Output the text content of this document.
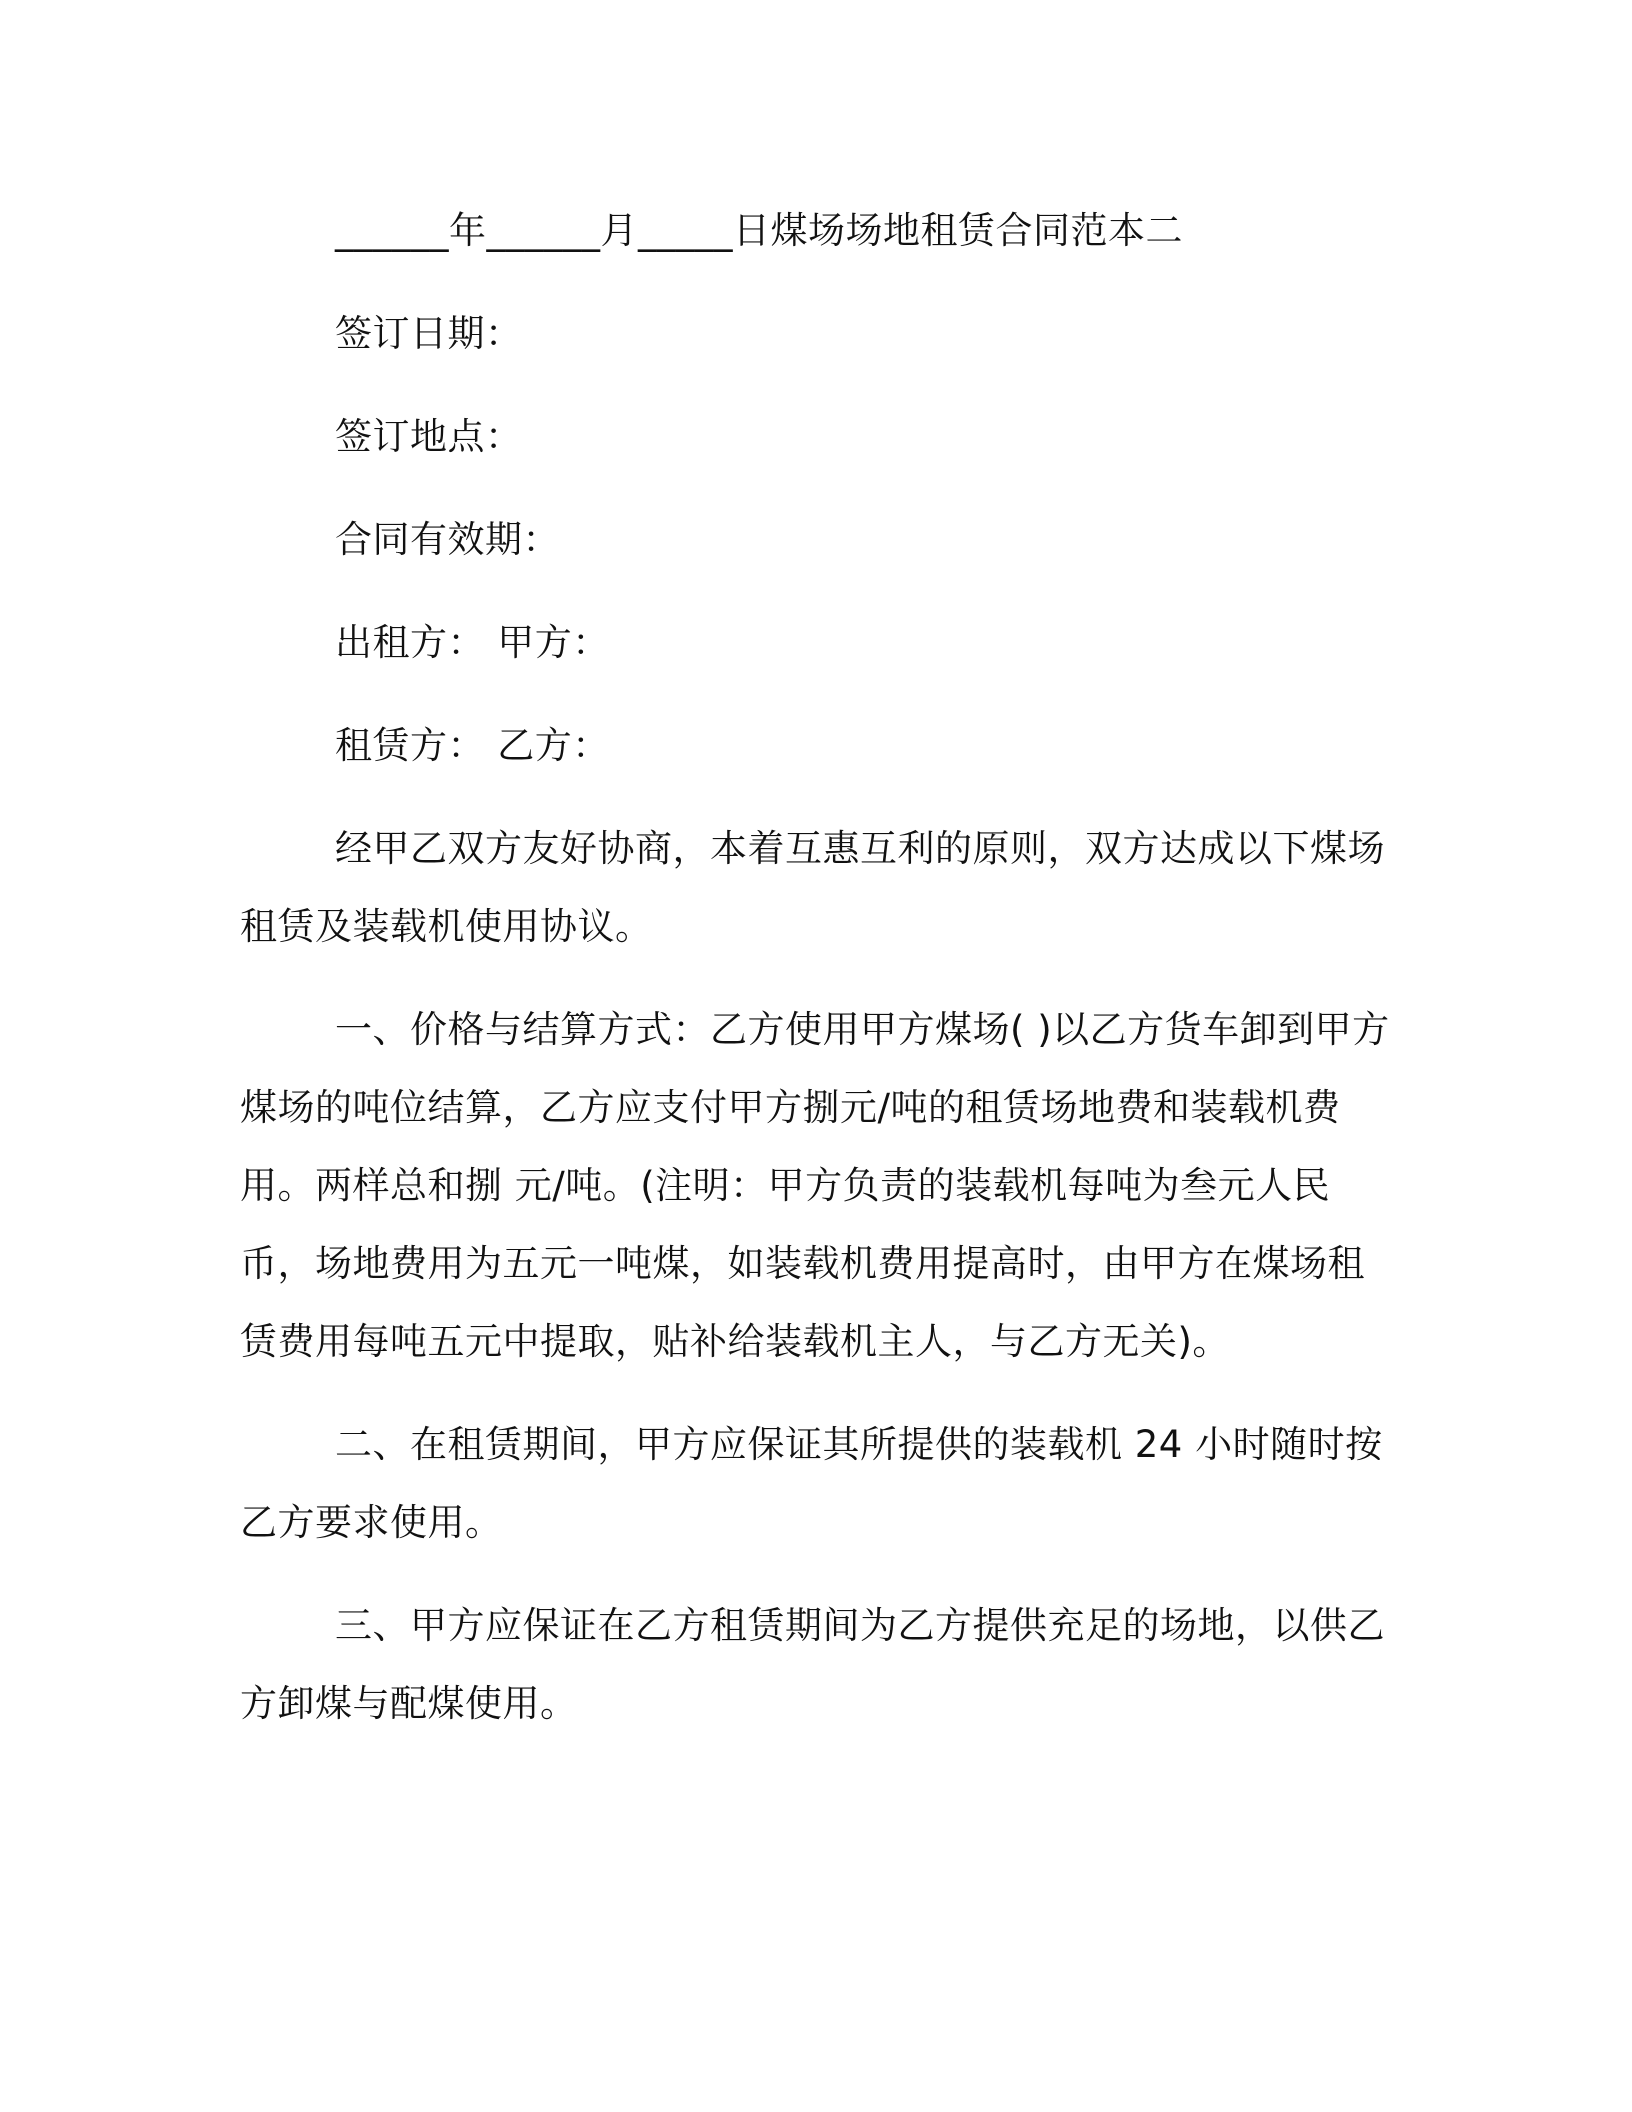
______年______月_____日煤场场地租赁合同范本二

签订日期：

签订地点：

合同有效期：

出租方： 甲方：

租赁方： 乙方：

经甲乙双方友好协商，本着互惠互利的原则，双方达成以下煤场租赁及装载机使用协议。

一、价格与结算方式：乙方使用甲方煤场( )以乙方货车卸到甲方煤场的吨位结算，乙方应支付甲方捌元/吨的租赁场地费和装载机费用。两样总和捌 元/吨。(注明：甲方负责的装载机每吨为叁元人民币，场地费用为五元一吨煤，如装载机费用提高时，由甲方在煤场租赁费用每吨五元中提取，贴补给装载机主人，与乙方无关)。

二、在租赁期间，甲方应保证其所提供的装载机 24 小时随时按乙方要求使用。

三、甲方应保证在乙方租赁期间为乙方提供充足的场地，以供乙方卸煤与配煤使用。
